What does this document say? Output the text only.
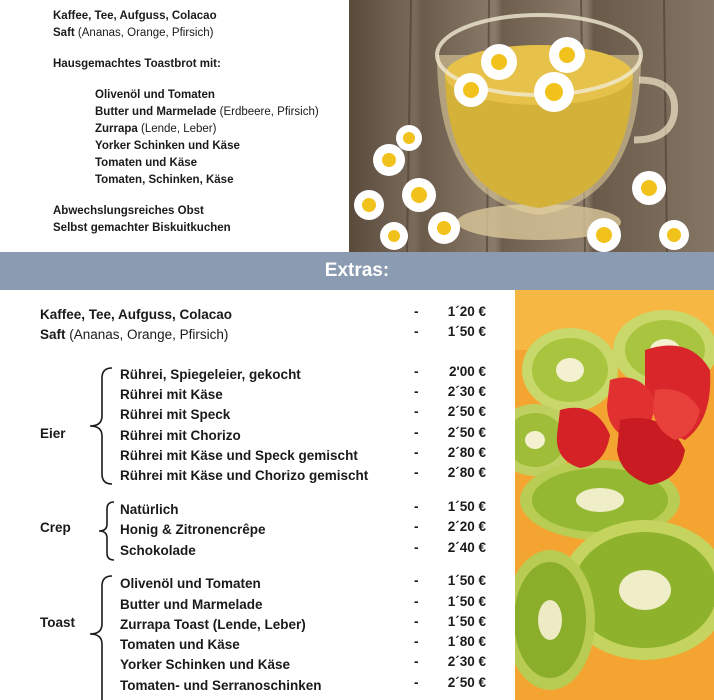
Kaffee, Tee, Aufguss, Colacao
Saft (Ananas, Orange, Pfirsich)
Hausgemachtes Toastbrot mit:
Olivenöl und Tomaten
Butter und Marmelade (Erdbeere, Pfirsich)
Zurrapa (Lende, Leber)
Yorker Schinken und Käse
Tomaten und Käse
Tomaten, Schinken, Käse
Abwechslungsreiches Obst
Selbst gemachter Biskuitkuchen
Extras:
Kaffee, Tee, Aufguss, Colacao	-	1´20 €
Saft (Ananas, Orange, Pfirsich)	-	1´50 €
Eier
Rührei, Spiegeleier, gekocht	-	2'00 €
Rührei mit Käse	-	2´30 €
Rührei mit Speck	-	2´50 €
Rührei mit Chorizo	-	2´50 €
Rührei mit Käse und Speck gemischt	-	2´80 €
Rührei mit Käse und Chorizo gemischt	-	2´80 €
Crep
Natürlich	-	1´50 €
Honig & Zitronencrêpe	-	2´20 €
Schokolade	-	2´40 €
Toast
Olivenöl und Tomaten	-	1´50 €
Butter und Marmelade	-	1´50 €
Zurrapa Toast (Lende, Leber)	-	1´50 €
Tomaten und Käse	-	1´80 €
Yorker Schinken und Käse	-	2´30 €
Tomaten- und Serranoschinken	-	2´50 €
